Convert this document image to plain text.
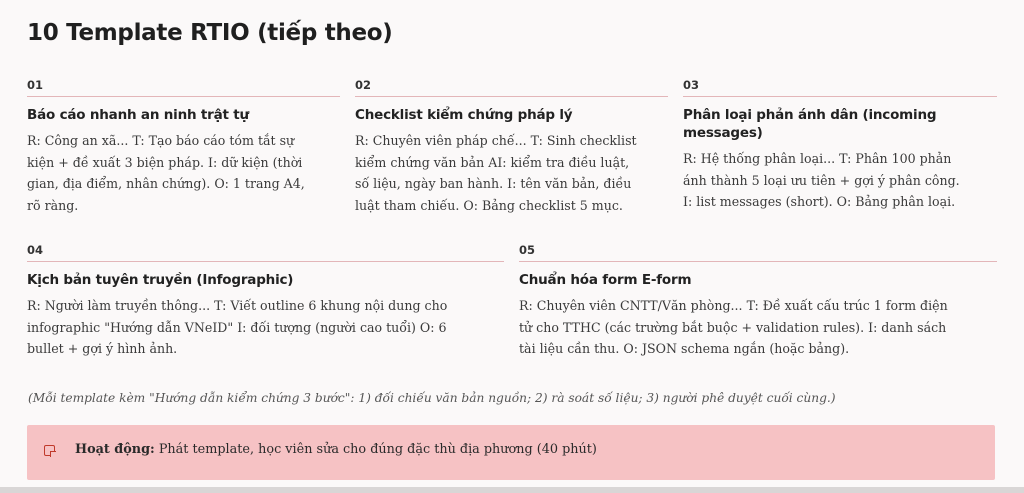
10 Template RTIO (tiếp theo)
01
Báo cáo nhanh an ninh trật tự
R: Công an xã... T: Tạo báo cáo tóm tắt sự
kiện + đề xuất 3 biện pháp. I: dữ kiện (thời
gian, địa điểm, nhân chứng). O: 1 trang A4,
rõ ràng.
02
Checklist kiểm chứng pháp lý
R: Chuyên viên pháp chế... T: Sinh checklist
kiểm chứng văn bản AI: kiểm tra điều luật,
số liệu, ngày ban hành. I: tên văn bản, điều
luật tham chiếu. O: Bảng checklist 5 mục.
03
Phân loại phản ánh dân (incoming
messages)
R: Hệ thống phân loại... T: Phân 100 phản
ánh thành 5 loại ưu tiên + gợi ý phân công.
I: list messages (short). O: Bảng phân loại.
04
Kịch bản tuyên truyền (Infographic)
R: Người làm truyền thông... T: Viết outline 6 khung nội dung cho
infographic "Hướng dẫn VNeID" I: đối tượng (người cao tuổi) O: 6
bullet + gợi ý hình ảnh.
05
Chuẩn hóa form E-form
R: Chuyên viên CNTT/Văn phòng... T: Đề xuất cấu trúc 1 form điện
tử cho TTHC (các trường bắt buộc + validation rules). I: danh sách
tài liệu cần thu. O: JSON schema ngắn (hoặc bảng).
(Mỗi template kèm "Hướng dẫn kiểm chứng 3 bước": 1) đối chiếu văn bản nguồn; 2) rà soát số liệu; 3) người phê duyệt cuối cùng.)
Hoạt động: Phát template, học viên sửa cho đúng đặc thù địa phương (40 phút)
